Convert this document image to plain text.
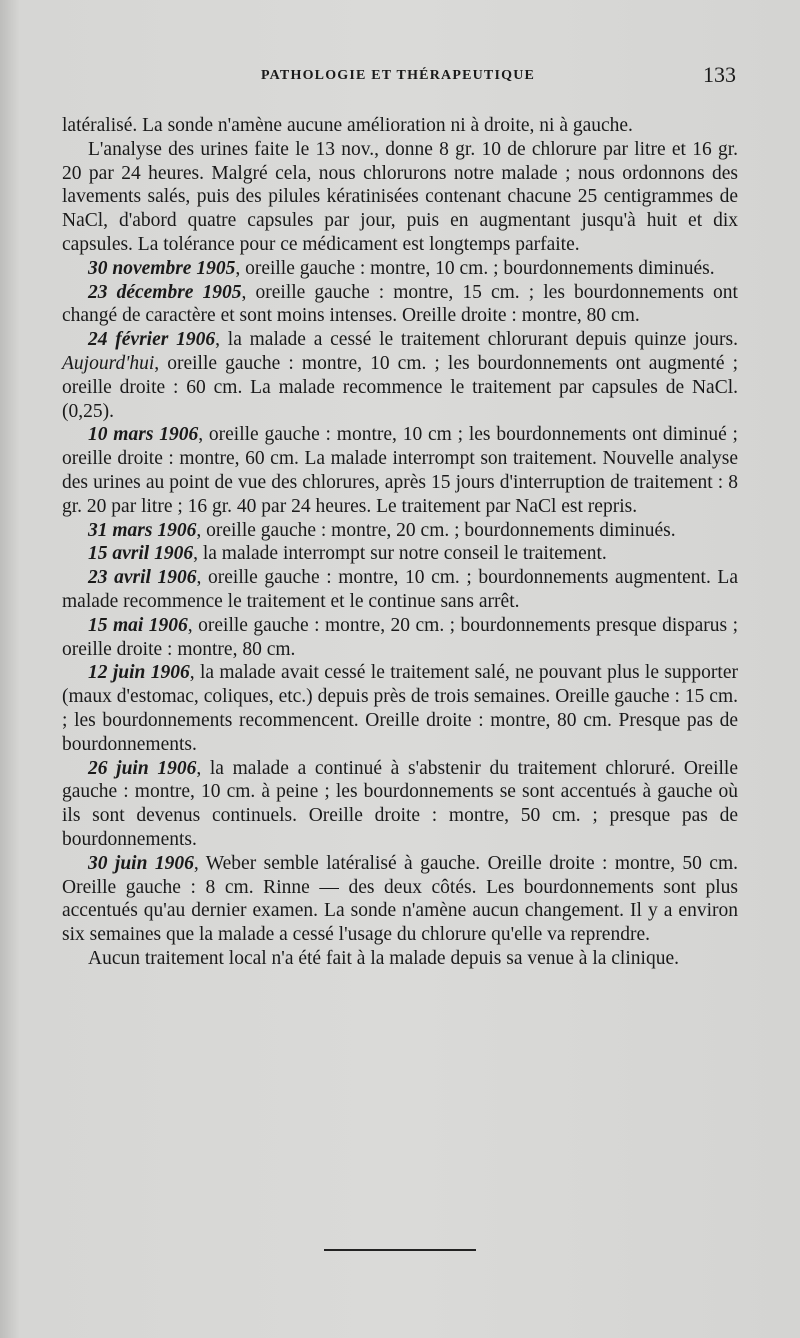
PATHOLOGIE ET THÉRAPEUTIQUE	133

latéralisé. La sonde n'amène aucune amélioration ni à droite, ni à gauche.

L'analyse des urines faite le 13 nov., donne 8 gr. 10 de chlorure par litre et 16 gr. 20 par 24 heures. Malgré cela, nous chlorurons notre malade ; nous ordonnons des lavements salés, puis des pilules kératinisées contenant chacune 25 centigrammes de NaCl, d'abord quatre capsules par jour, puis en augmentant jusqu'à huit et dix capsules. La tolérance pour ce médicament est longtemps parfaite.

30 novembre 1905, oreille gauche : montre, 10 cm. ; bourdonnements diminués.

23 décembre 1905, oreille gauche : montre, 15 cm. ; les bourdonnements ont changé de caractère et sont moins intenses. Oreille droite : montre, 80 cm.

24 février 1906, la malade a cessé le traitement chlorurant depuis quinze jours. Aujourd'hui, oreille gauche : montre, 10 cm. ; les bourdonnements ont augmenté ; oreille droite : 60 cm. La malade recommence le traitement par capsules de NaCl. (0,25).

10 mars 1906, oreille gauche : montre, 10 cm ; les bourdonnements ont diminué ; oreille droite : montre, 60 cm. La malade interrompt son traitement. Nouvelle analyse des urines au point de vue des chlorures, après 15 jours d'interruption de traitement : 8 gr. 20 par litre ; 16 gr. 40 par 24 heures. Le traitement par NaCl est repris.

31 mars 1906, oreille gauche : montre, 20 cm. ; bourdonnements diminués.

15 avril 1906, la malade interrompt sur notre conseil le traitement.

23 avril 1906, oreille gauche : montre, 10 cm. ; bourdonnements augmentent. La malade recommence le traitement et le continue sans arrêt.

15 mai 1906, oreille gauche : montre, 20 cm. ; bourdonnements presque disparus ; oreille droite : montre, 80 cm.

12 juin 1906, la malade avait cessé le traitement salé, ne pouvant plus le supporter (maux d'estomac, coliques, etc.) depuis près de trois semaines. Oreille gauche : 15 cm. ; les bourdonnements recommencent. Oreille droite : montre, 80 cm. Presque pas de bourdonnements.

26 juin 1906, la malade a continué à s'abstenir du traitement chloruré. Oreille gauche : montre, 10 cm. à peine ; les bourdonnements se sont accentués à gauche où ils sont devenus continuels. Oreille droite : montre, 50 cm. ; presque pas de bourdonnements.

30 juin 1906, Weber semble latéralisé à gauche. Oreille droite : montre, 50 cm. Oreille gauche : 8 cm. Rinne — des deux côtés. Les bourdonnements sont plus accentués qu'au dernier examen. La sonde n'amène aucun changement. Il y a environ six semaines que la malade a cessé l'usage du chlorure qu'elle va reprendre.

Aucun traitement local n'a été fait à la malade depuis sa venue à la clinique.
